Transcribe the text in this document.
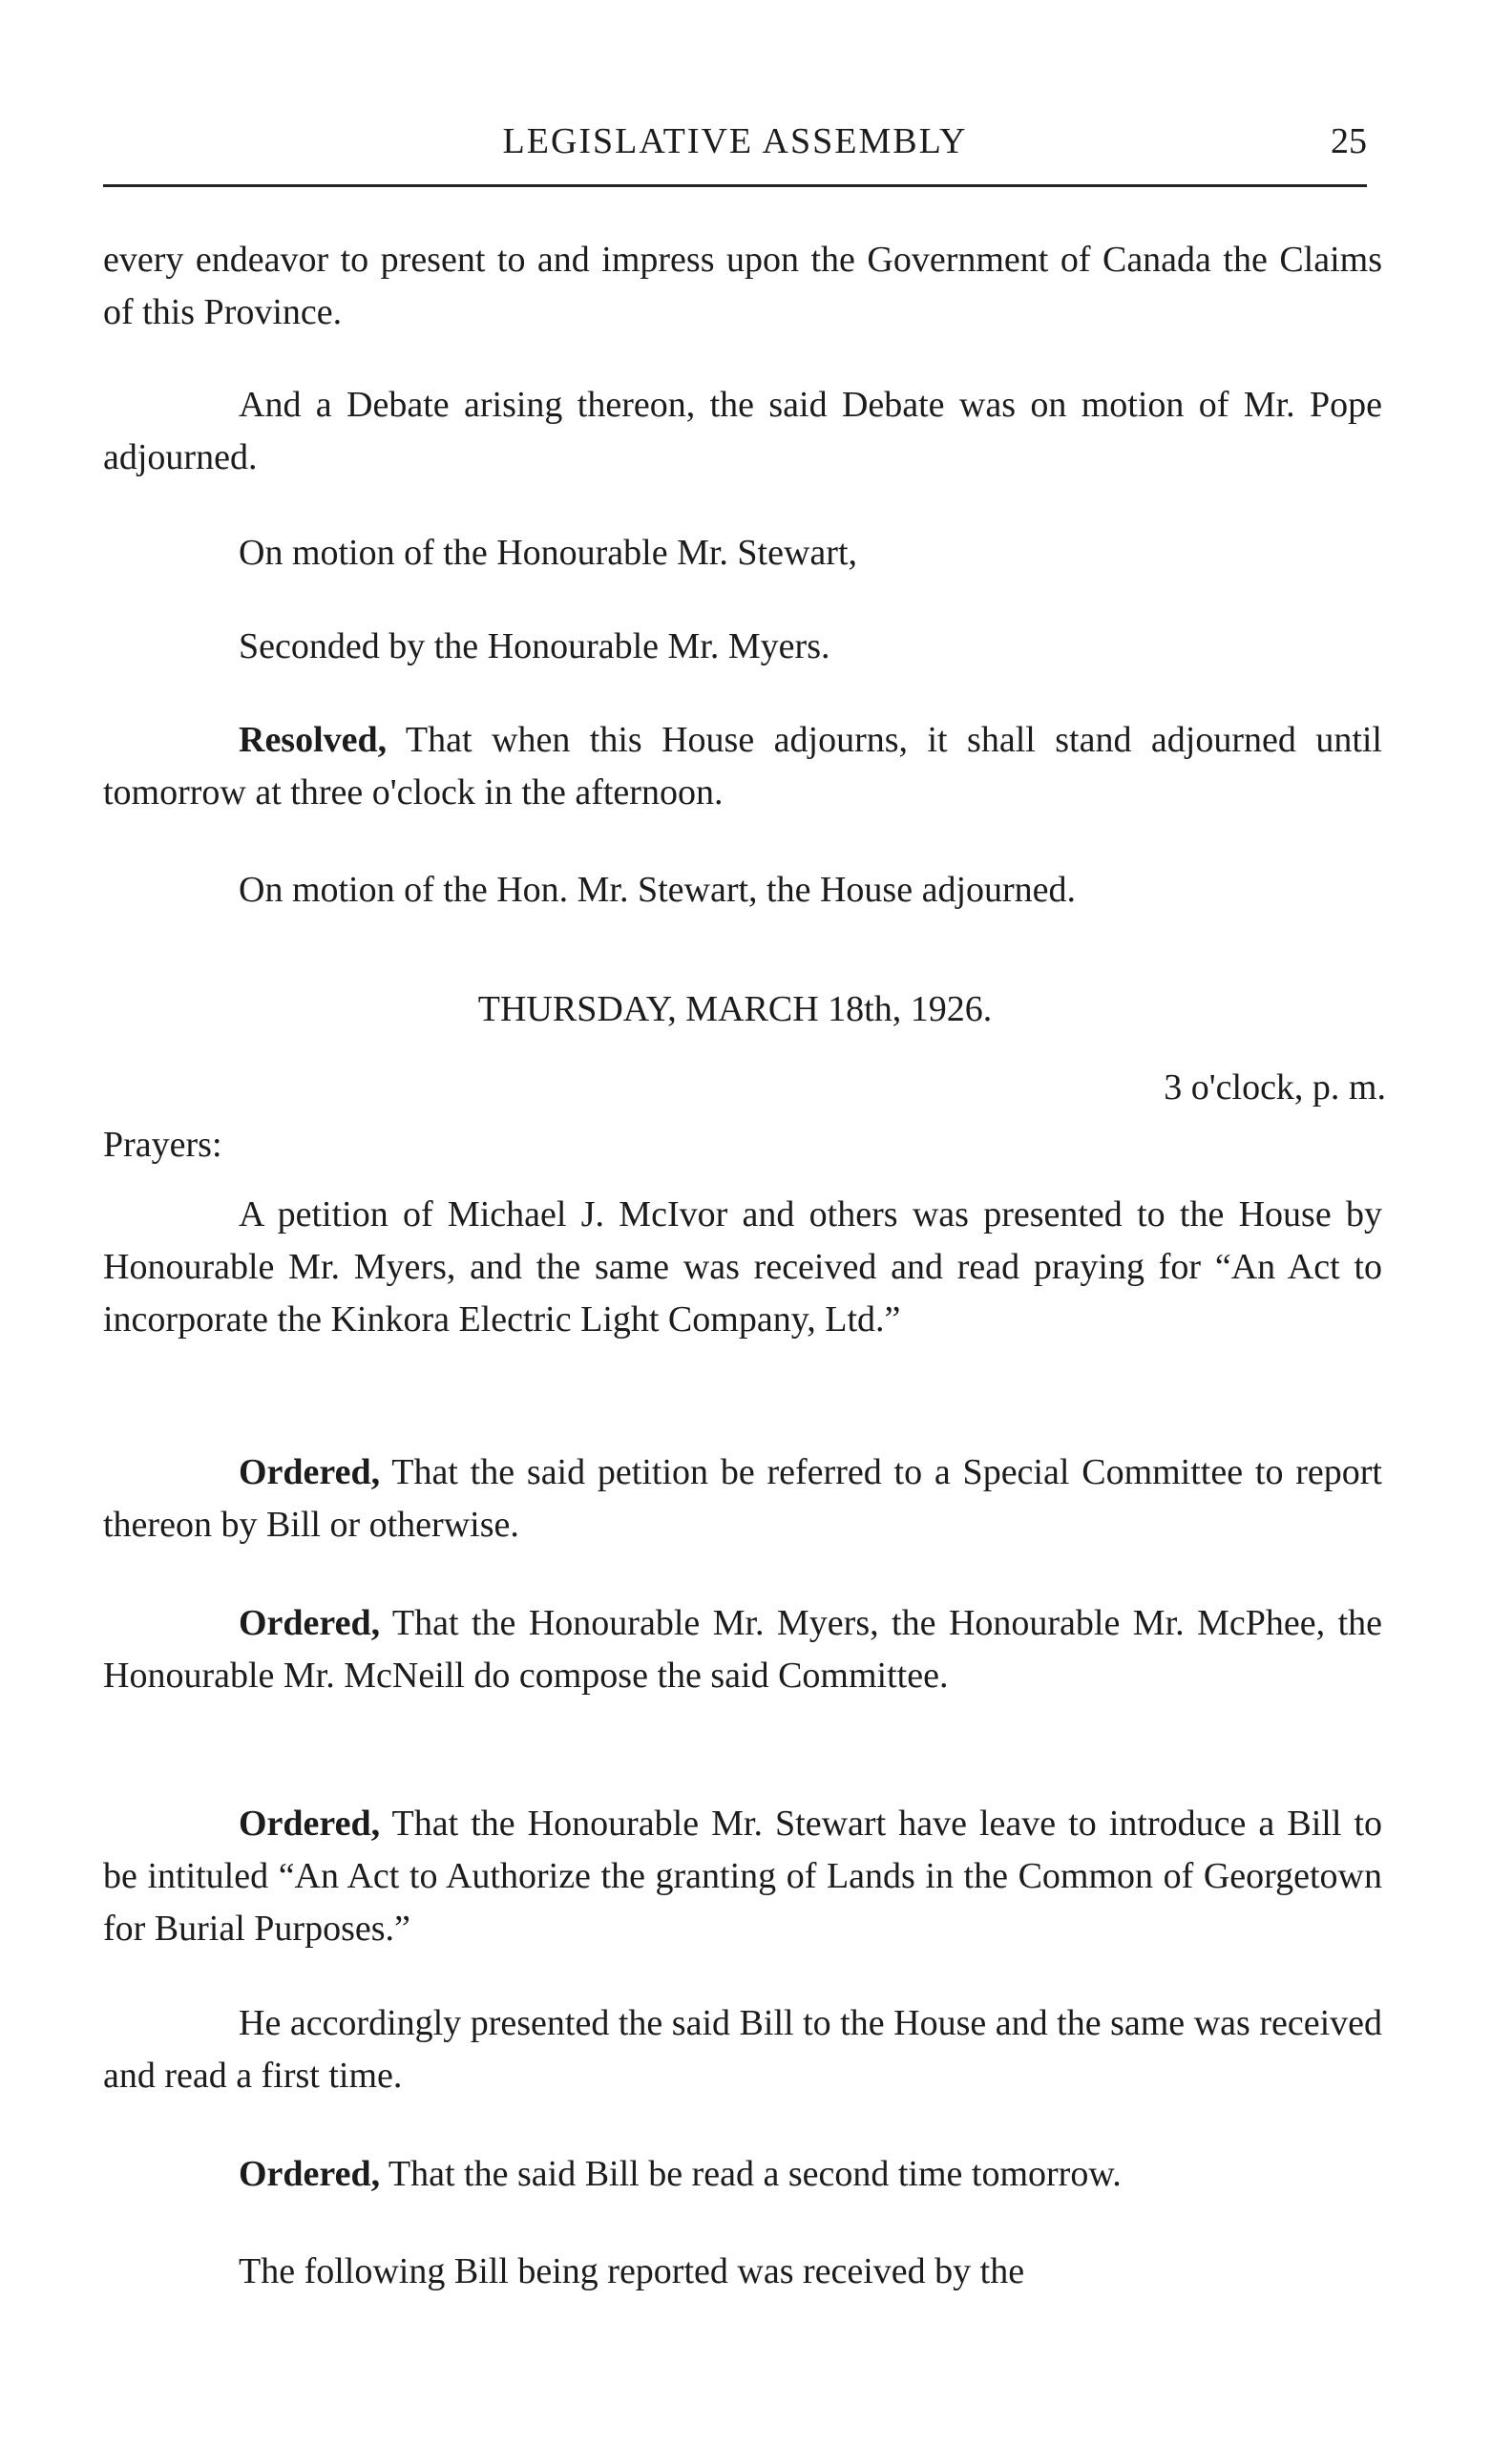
LEGISLATIVE ASSEMBLY	25

every endeavor to present to and impress upon the Government of Canada the Claims of this Province.

And a Debate arising thereon, the said Debate was on motion of Mr. Pope adjourned.

On motion of the Honourable Mr. Stewart,

Seconded by the Honourable Mr. Myers.

Resolved, That when this House adjourns, it shall stand adjourned until tomorrow at three o'clock in the afternoon.

On motion of the Hon. Mr. Stewart, the House adjourned.

THURSDAY, MARCH 18th, 1926.
3 o'clock, p. m.

Prayers:

A petition of Michael J. McIvor and others was presented to the House by Honourable Mr. Myers, and the same was received and read praying for “An Act to incorporate the Kinkora Electric Light Company, Ltd.”

Ordered, That the said petition be referred to a Special Committee to report thereon by Bill or otherwise.

Ordered, That the Honourable Mr. Myers, the Honourable Mr. McPhee, the Honourable Mr. McNeill do compose the said Committee.

Ordered, That the Honourable Mr. Stewart have leave to introduce a Bill to be intituled “An Act to Authorize the granting of Lands in the Common of Georgetown for Burial Purposes.”

He accordingly presented the said Bill to the House and the same was received and read a first time.

Ordered, That the said Bill be read a second time tomorrow.

The following Bill being reported was received by the
